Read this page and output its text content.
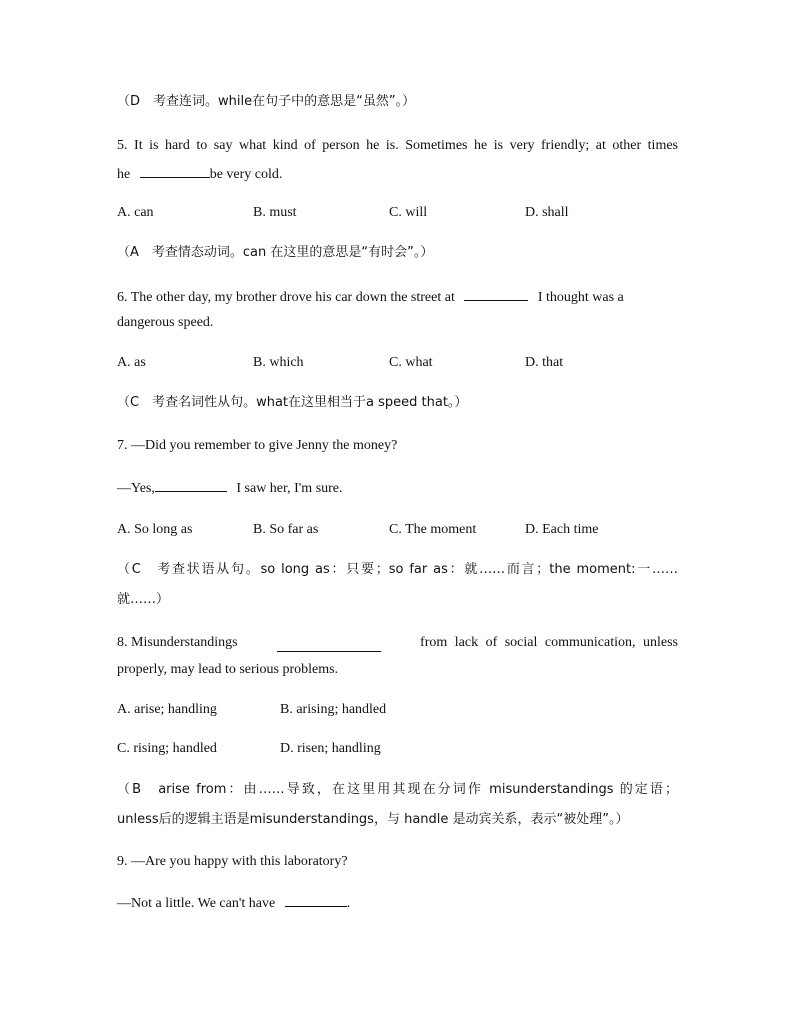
（D　考查连词。while在句子中的意思是“虽然”。）
5. It is hard to say what kind of person he is. Sometimes he is very friendly; at other times
he	be very cold.
A. can	B. must	C. will	D. shall
（A　考查情态动词。can 在这里的意思是“有时会”。）
6. The other day, my brother drove his car down the street at	I thought was a
dangerous speed.
A. as	B. which	C. what	D. that
（C　考查名词性从句。what在这里相当于a speed that。）
7. —Did you remember to give Jenny the money?
—Yes,	I saw her, I'm sure.
A. So long as	B. So far as	C. The moment	D. Each time
（C　考查状语从句。so long as：只要；so far as：就……而言；the moment:一……
就……）
8. Misunderstandings	from lack of social communication, unless
properly, may lead to serious problems.
A. arise; handling	B. arising; handled
C. rising; handled	D. risen; handling
（B　arise from：由……导致，在这里用其现在分词作 misunderstandings 的定语；
unless后的逻辑主语是misunderstandings，与 handle 是动宾关系，表示“被处理”。）
9. —Are you happy with this laboratory?
—Not a little. We can't have	.
